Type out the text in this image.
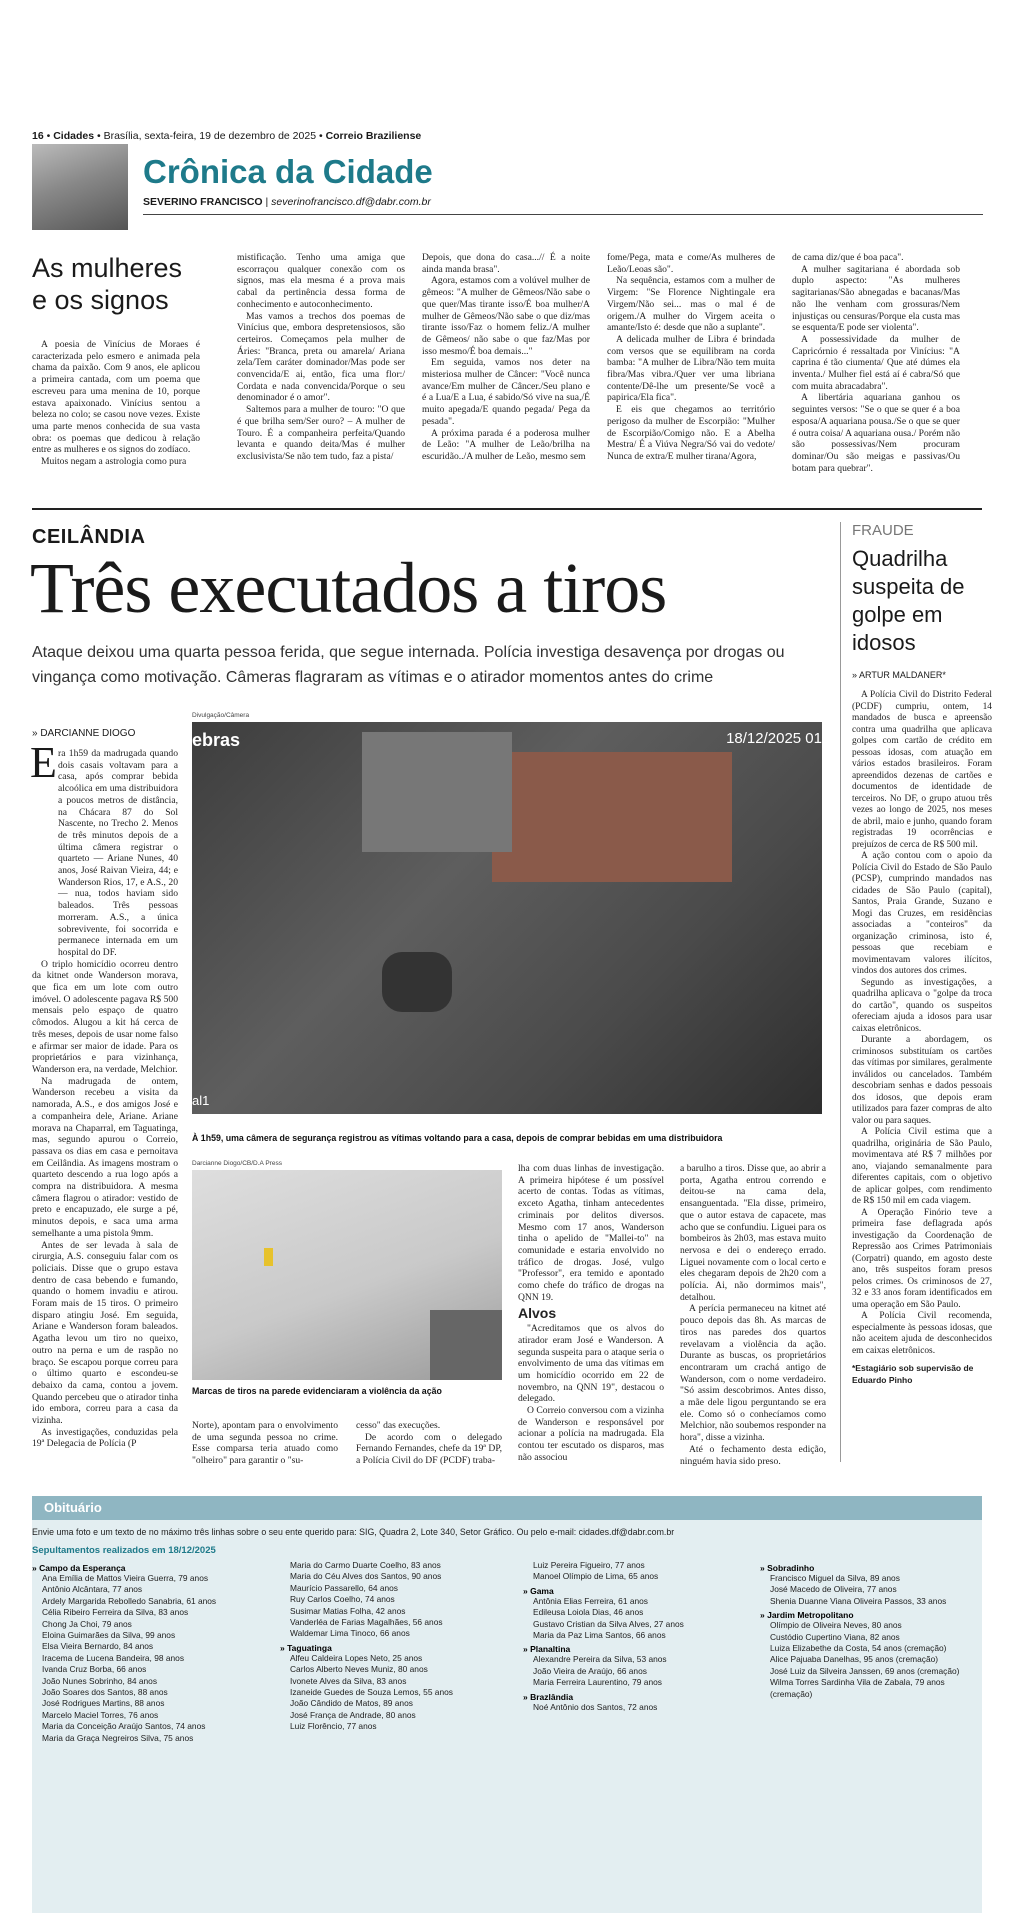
16 • Cidades • Brasília, sexta-feira, 19 de dezembro de 2025 • Correio Braziliense
Crônica da Cidade
SEVERINO FRANCISCO | severinofrancisco.df@dabr.com.br
As mulheres e os signos

A poesia de Vinícius de Moraes é caracterizada pelo esmero e animada pela chama da paixão. Com 9 anos, ele aplicou a primeira cantada, com um poema que escreveu para uma menina de 10, porque estava apaixonado. Vinícius sentou a beleza no colo; se casou nove vezes. Existe uma parte menos conhecida de sua vasta obra: os poemas que dedicou à relação entre as mulheres e os signos do zodíaco.

Muitos negam a astrologia como pura

mistificação. Tenho uma amiga que escorraçou qualquer conexão com os signos, mas ela mesma é a prova mais cabal da pertinência dessa forma de conhecimento e autoconhecimento.

Mas vamos a trechos dos poemas de Vinícius que, embora despretensiosos, são certeiros. Começamos pela mulher de Áries: "Branca, preta ou amarela/ Ariana zela/Tem caráter dominador/Mas pode ser convencida/E ai, então, fica uma flor:/ Cordata e nada convencida/Porque o seu denominador é o amor".

Saltemos para a mulher de touro: "O que é que brilha sem/Ser ouro? – A mulher de Touro. É a companheira perfeita/Quando levanta e quando deita/Mas é mulher exclusivista/Se não tem tudo, faz a pista/

Depois, que dona do casa...// É a noite ainda manda brasa".

Agora, estamos com a volúvel mulher de gêmeos: "A mulher de Gêmeos/Não sabe o que quer/Mas tirante isso/É boa mulher/A mulher de Gêmeos/Não sabe o que diz/mas tirante isso/Faz o homem feliz./A mulher de Gêmeos/ não sabe o que faz/Mas por isso mesmo/É boa demais..."

Em seguida, vamos nos deter na misteriosa mulher de Câncer: "Você nunca avance/Em mulher de Câncer./Seu plano e é a Lua/E a Lua, é sabido/Só vive na sua,/É muito apegada/E quando pegada/ Pega da pesada".

A próxima parada é a poderosa mulher de Leão: "A mulher de Leão/brilha na escuridão../A mulher de Leão, mesmo sem

fome/Pega, mata e come/As mulheres de Leão/Leoas são".

Na sequência, estamos com a mulher de Virgem: "Se Florence Nightingale era Virgem/Não sei... mas o mal é de origem./A mulher do Virgem aceita o amante/Isto é: desde que não a suplante".

A delicada mulher de Libra é brindada com versos que se equilibram na corda bamba: "A mulher de Libra/Não tem muita fibra/Mas vibra./Quer ver uma libriana contente/Dê-lhe um presente/Se você a papirica/Ela fica".

E eis que chegamos ao território perigoso da mulher de Escorpião: "Mulher de Escorpião/Comigo não. E a Abelha Mestra/ É a Viúva Negra/Só vai do vedote/ Nunca de extra/E mulher tirana/Agora,

de cama diz/que é boa paca".

A mulher sagitariana é abordada sob duplo aspecto: "As mulheres sagitarianas/São abnegadas e bacanas/Mas não lhe venham com grossuras/Nem injustiças ou censuras/Porque ela custa mas se esquenta/E pode ser violenta".

A possessividade da mulher de Capricórnio é ressaltada por Vinícius: "A caprina é tão ciumenta/ Que até dúmes ela inventa./ Mulher fiel está aí é cabra/Só que com muita abracadabra".

A libertária aquariana ganhou os seguintes versos: "Se o que se quer é a boa esposa/A aquariana pousa./Se o que se quer é outra coisa/ A aquariana ousa./ Porém não são possessivas/Nem procuram dominar/Ou são meigas e passivas/Ou botam para quebrar".

CEILÂNDIA
Três executados a tiros
Ataque deixou uma quarta pessoa ferida, que segue internada. Polícia investiga desavença por drogas ou vingança como motivação. Câmeras flagraram as vítimas e o atirador momentos antes do crime
» DARCIANNE DIOGO
Divulgação/Câmera
ebras	18/12/2025 01
al1
À 1h59, uma câmera de segurança registrou as vítimas voltando para a casa, depois de comprar bebidas em uma distribuidora
Darcianne Diogo/CB/D.A Press
Marcas de tiros na parede evidenciaram a violência da ação
E ra 1h59 da madrugada quando dois casais voltavam para a casa, após comprar bebida alcoólica em uma distribuidora a poucos metros de distância, na Chácara 87 do Sol Nascente, no Trecho 2. Menos de três minutos depois de a última câmera registrar o quarteto — Ariane Nunes, 40 anos, José Raivan Vieira, 44; e Wanderson Rios, 17, e A.S., 20 — nua, todos haviam sido baleados. Três pessoas morreram. A.S., a única sobrevivente, foi socorrida e permanece internada em um hospital do DF.

O triplo homicídio ocorreu dentro da kitnet onde Wanderson morava, que fica em um lote com outro imóvel. O adolescente pagava R$ 500 mensais pelo espaço de quatro cômodos. Alugou a kit há cerca de três meses, depois de usar nome falso e afirmar ser maior de idade. Para os proprietários e para vizinhança, Wanderson era, na verdade, Melchior.

Na madrugada de ontem, Wanderson recebeu a visita da namorada, A.S., e dos amigos José e a companheira dele, Ariane. Ariane morava na Chaparral, em Taguatinga, mas, segundo apurou o Correio, passava os dias em casa e pernoitava em Ceilândia. As imagens mostram o quarteto descendo a rua logo após a compra na distribuidora. A mesma câmera flagrou o atirador: vestido de preto e encapuzado, ele surge a pé, minutos depois, e saca uma arma semelhante a uma pistola 9mm.

Antes de ser levada à sala de cirurgia, A.S. conseguiu falar com os policiais. Disse que o grupo estava dentro de casa bebendo e fumando, quando o homem invadiu e atirou. Foram mais de 15 tiros. O primeiro disparo atingiu José. Em seguida, Ariane e Wanderson foram baleados. Agatha levou um tiro no queixo, outro na perna e um de raspão no braço. Se escapou porque correu para o último quarto e escondeu-se debaixo da cama, contou a jovem. Quando percebeu que o atirador tinha ido embora, correu para a casa da vizinha.

As investigações, conduzidas pela 19ª Delegacia de Polícia (P

Norte), apontam para o envolvimento de uma segunda pessoa no crime. Esse comparsa teria atuado como "olheiro" para garantir o "su-

cesso" das execuções.

De acordo com o delegado Fernando Fernandes, chefe da 19ª DP, a Polícia Civil do DF (PCDF) traba-

lha com duas linhas de investigação. A primeira hipótese é um possível acerto de contas. Todas as vítimas, exceto Agatha, tinham antecedentes criminais por delitos diversos. Mesmo com 17 anos, Wanderson tinha o apelido de "Mallei-to" na comunidade e estaria envolvido no tráfico de drogas. José, vulgo "Professor", era temido e apontado como chefe do tráfico de drogas na QNN 19.

Alvos

"Acreditamos que os alvos do atirador eram José e Wanderson. A segunda suspeita para o ataque seria o envolvimento de uma das vítimas em um homicídio ocorrido em 22 de novembro, na QNN 19", destacou o delegado.

O Correio conversou com a vizinha de Wanderson e responsável por acionar a polícia na madrugada. Ela contou ter escutado os disparos, mas não associou

a barulho a tiros. Disse que, ao abrir a porta, Agatha entrou correndo e deitou-se na cama dela, ensanguentada. "Ela disse, primeiro, que o autor estava de capacete, mas acho que se confundiu. Liguei para os bombeiros às 2h03, mas estava muito nervosa e dei o endereço errado. Liguei novamente com o local certo e eles chegaram depois de 2h20 com a polícia. Ai, não dormimos mais", detalhou.

A perícia permaneceu na kitnet até pouco depois das 8h. As marcas de tiros nas paredes dos quartos revelavam a violência da ação. Durante as buscas, os proprietários encontraram um crachá antigo de Wanderson, com o nome verdadeiro. "Só assim descobrimos. Antes disso, a mãe dele ligou perguntando se era ele. Como só o conhecíamos como Melchior, não soubemos responder na hora", disse a vizinha.

Até o fechamento desta edição, ninguém havia sido preso.

FRAUDE
Quadrilha suspeita de golpe em idosos
» ARTUR MALDANER*

A Polícia Civil do Distrito Federal (PCDF) cumpriu, ontem, 14 mandados de busca e apreensão contra uma quadrilha que aplicava golpes com cartão de crédito em pessoas idosas, com atuação em vários estados brasileiros. Foram apreendidos dezenas de cartões e documentos de identidade de terceiros. No DF, o grupo atuou três vezes ao longo de 2025, nos meses de abril, maio e junho, quando foram registradas 19 ocorrências e prejuízos de cerca de R$ 500 mil.

A ação contou com o apoio da Polícia Civil do Estado de São Paulo (PCSP), cumprindo mandados nas cidades de São Paulo (capital), Santos, Praia Grande, Suzano e Mogi das Cruzes, em residências associadas a "conteiros" da organização criminosa, isto é, pessoas que recebiam e movimentavam valores ilícitos, vindos dos autores dos crimes.

Segundo as investigações, a quadrilha aplicava o "golpe da troca do cartão", quando os suspeitos ofereciam ajuda a idosos para usar caixas eletrônicos.

Durante a abordagem, os criminosos substituíam os cartões das vítimas por similares, geralmente inválidos ou cancelados. Também descobriam senhas e dados pessoais dos idosos, que depois eram utilizados para fazer compras de alto valor ou para saques.

A Polícia Civil estima que a quadrilha, originária de São Paulo, movimentava até R$ 7 milhões por ano, viajando semanalmente para diferentes capitais, com o objetivo de aplicar golpes, com rendimento de R$ 150 mil em cada viagem.

A Operação Finório teve a primeira fase deflagrada após investigação da Coordenação de Repressão aos Crimes Patrimoniais (Corpatri) quando, em agosto deste ano, três suspeitos foram presos pelos crimes. Os criminosos de 27, 32 e 33 anos foram identificados em uma operação em São Paulo.

A Polícia Civil recomenda, especialmente às pessoas idosas, que não aceitem ajuda de desconhecidos em caixas eletrônicos.

*Estagiário sob supervisão de Eduardo Pinho
Obituário
Envie uma foto e um texto de no máximo três linhas sobre o seu ente querido para: SIG, Quadra 2, Lote 340, Setor Gráfico. Ou pelo e-mail: cidades.df@dabr.com.br
Sepultamentos realizados em 18/12/2025
» Campo da Esperança
Ana Emília de Mattos Vieira Guerra, 79 anos
Antônio Alcântara, 77 anos
Ardely Margarida Rebolledo Sanabria, 61 anos
Célia Ribeiro Ferreira da Silva, 83 anos
Chong Ja Choi, 79 anos
Eloina Guimarães da Silva, 99 anos
Elsa Vieira Bernardo, 84 anos
Iracema de Lucena Bandeira, 98 anos
Ivanda Cruz Borba, 66 anos
João Nunes Sobrinho, 84 anos
João Soares dos Santos, 88 anos
José Rodrigues Martins, 88 anos
Marcelo Maciel Torres, 76 anos
Maria da Conceição Araújo Santos, 74 anos
Maria da Graça Negreiros Silva, 75 anos
Maria do Carmo Duarte Coelho, 83 anos
Maria do Céu Alves dos Santos, 90 anos
Maurício Passarello, 64 anos
Ruy Carlos Coelho, 74 anos
Susimar Matias Folha, 42 anos
Vanderléa de Farias Magalhães, 56 anos
Waldemar Lima Tinoco, 66 anos
» Taguatinga
Alfeu Caldeira Lopes Neto, 25 anos
Carlos Alberto Neves Muniz, 80 anos
Ivonete Alves da Silva, 83 anos
Izaneide Guedes de Souza Lemos, 55 anos
João Cândido de Matos, 89 anos
José França de Andrade, 80 anos
Luiz Florêncio, 77 anos
Luiz Pereira Figueiro, 77 anos
Manoel Olímpio de Lima, 65 anos
» Gama
Antônia Elias Ferreira, 61 anos
Edileusa Loiola Dias, 46 anos
Gustavo Cristian da Silva Alves, 27 anos
Maria da Paz Lima Santos, 66 anos
» Planaltina
Alexandre Pereira da Silva, 53 anos
João Vieira de Araújo, 66 anos
Maria Ferreira Laurentino, 79 anos
» Brazlândia
Noé Antônio dos Santos, 72 anos
» Sobradinho
Francisco Miguel da Silva, 89 anos
José Macedo de Oliveira, 77 anos
Shenia Duanne Viana Oliveira Passos, 33 anos
» Jardim Metropolitano
Olímpio de Oliveira Neves, 80 anos
Custódio Cupertino Viana, 82 anos
Luiza Elizabethe da Costa, 54 anos (cremação)
Alice Pajuaba Danelhas, 95 anos (cremação)
José Luiz da Silveira Janssen, 69 anos (cremação)
Wilma Torres Sardinha Vila de Zabala, 79 anos (cremação)
